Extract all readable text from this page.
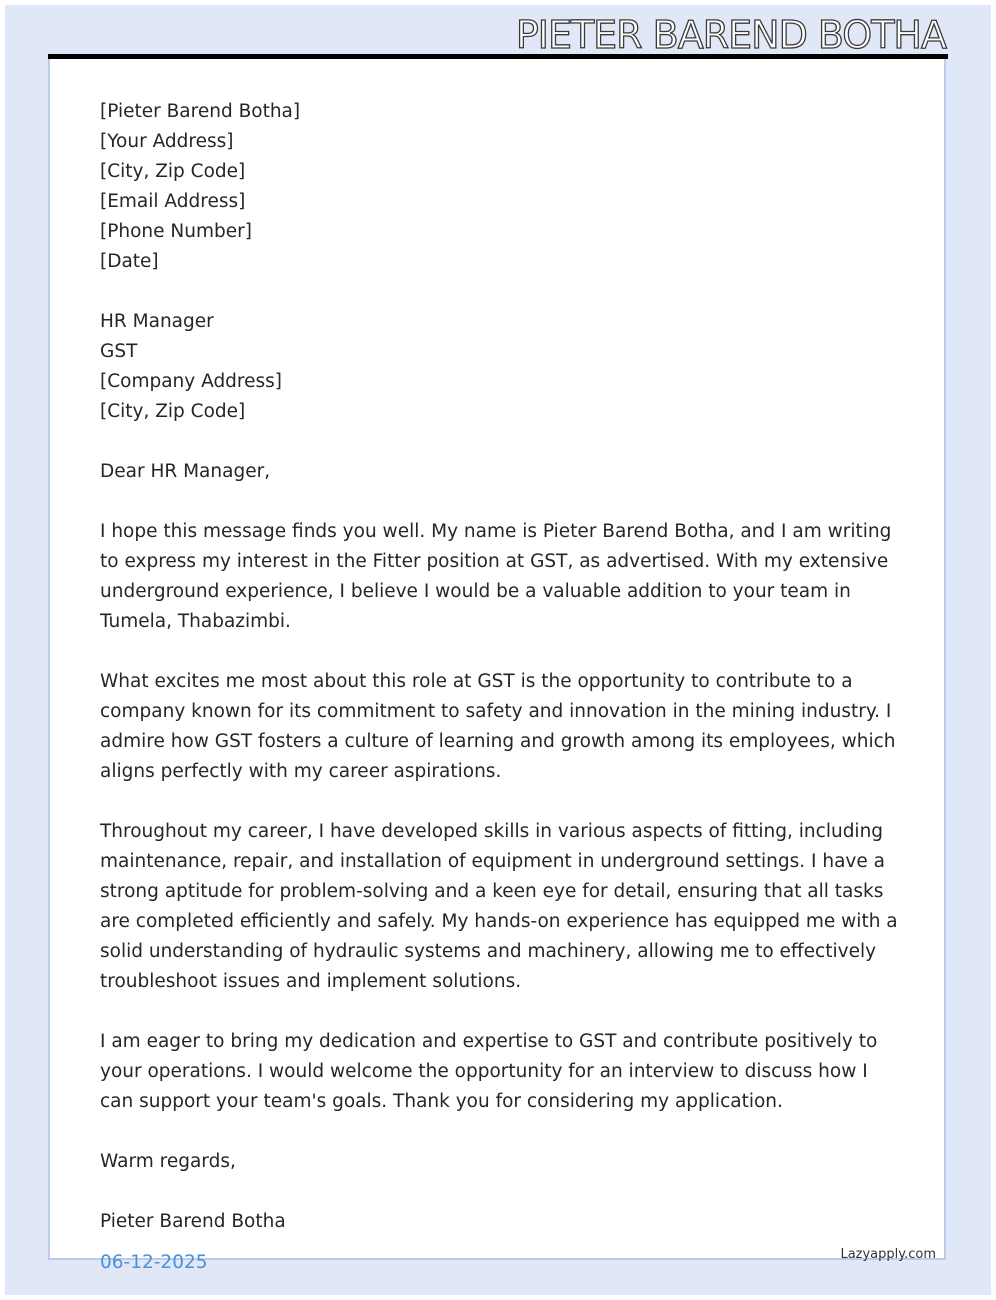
PIETER BAREND BOTHA
[Pieter Barend Botha]
[Your Address]
[City, Zip Code]
[Email Address]
[Phone Number]
[Date]
HR Manager
GST
[Company Address]
[City, Zip Code]
Dear HR Manager,

I hope this message finds you well. My name is Pieter Barend Botha, and I am writing to express my interest in the Fitter position at GST, as advertised. With my extensive underground experience, I believe I would be a valuable addition to your team in Tumela, Thabazimbi.

What excites me most about this role at GST is the opportunity to contribute to a company known for its commitment to safety and innovation in the mining industry. I admire how GST fosters a culture of learning and growth among its employees, which aligns perfectly with my career aspirations.

Throughout my career, I have developed skills in various aspects of fitting, including maintenance, repair, and installation of equipment in underground settings. I have a strong aptitude for problem-solving and a keen eye for detail, ensuring that all tasks are completed efficiently and safely. My hands-on experience has equipped me with a solid understanding of hydraulic systems and machinery, allowing me to effectively troubleshoot issues and implement solutions.

I am eager to bring my dedication and expertise to GST and contribute positively to your operations. I would welcome the opportunity for an interview to discuss how I can support your team's goals. Thank you for considering my application.

Warm regards,
Pieter Barend Botha
06-12-2025	Lazyapply.com
